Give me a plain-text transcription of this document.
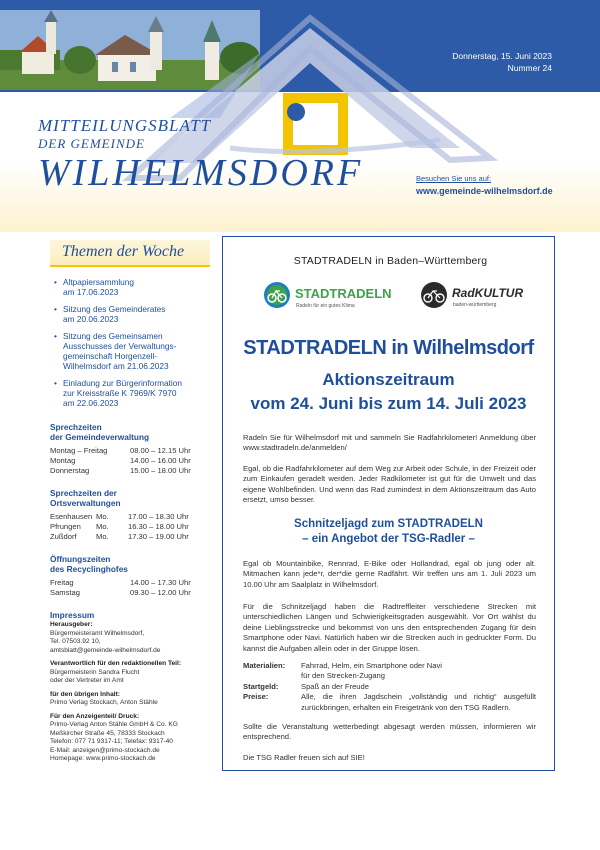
Donnerstag, 15. Juni 2023
Nummer 24
MITTEILUNGSBLATT
DER GEMEINDE
WILHELMSDORF	Besuchen Sie uns auf:
www.gemeinde-wilhelmsdorf.de
Themen der Woche
• Altpapiersammlung
am 17.06.2023
• Sitzung des Gemeinderates
am 20.06.2023
• Sitzung des Gemeinsamen
Ausschusses der Verwaltungs-
gemeinschaft Horgenzell-
Wilhelmsdorf am 21.06.2023
• Einladung zur Bürgerinformation
zur Kreisstraße K 7969/K 7970
am 22.06.2023
Sprechzeiten
der Gemeindeverwaltung
Montag – Freitag	08.00 – 12.15 Uhr
Montag	14.00 – 16.00 Uhr
Donnerstag	15.00 – 18.00 Uhr
Sprechzeiten der
Ortsverwaltungen
Esenhausen Mo.	17.00 – 18.30 Uhr
Pfrungen	Mo.	16.30 – 18.00 Uhr
Zußdorf	Mo.	17.30 – 19.00 Uhr
Öffnungszeiten
des Recyclinghofes
Freitag	14.00 – 17.30 Uhr
Samstag	09.30 – 12.00 Uhr
Impressum
Herausgeber:
Bürgermeisteramt Wilhelmsdorf,
Tel. 07503.92 10,
amtsblatt@gemeinde-wilhelmsdorf.de
Verantwortlich für den redaktionellen Teil:
Bürgermeisterin Sandra Flucht
oder der Vertreter im Amt
für den übrigen Inhalt:
Primo Verlag Stockach, Anton Stähle
Für den Anzeigenteil/ Druck:
Primo-Verlag Anton Stähle GmbH & Co. KG
Meßkircher Straße 45, 78333 Stockach
Telefon: 077 71 9317-11; Telefax: 9317-40
E-Mail: anzeigen@primo-stockach.de
Homepage: www.primo-stockach.de
STADTRADELN in Baden–Württemberg
STADTRADELN
Radeln für ein gutes Klima
RadKULTUR
baden-württemberg
STADTRADELN in Wilhelmsdorf
Aktionszeitraum
vom 24. Juni bis zum 14. Juli 2023
Radeln Sie für Wilhelmsdorf mit und sammeln Sie Radfahrkilometer! Anmeldung über www.stadtradeln.de/anmelden/
Egal, ob die Radfahrkilometer auf dem Weg zur Arbeit oder Schule, in der Freizeit oder zum Einkaufen geradelt werden. Jeder Radkilometer ist gut für die Umwelt und das eigene Wohlbefinden. Und wenn das Rad zumindest in dem Aktionszeitraum das Auto ersetzt, umso besser.
Schnitzeljagd zum STADTRADELN
– ein Angebot der TSG-Radler –
Egal ob Mountainbike, Rennrad, E-Bike oder Hollandrad, egal ob jung oder alt. Mitmachen kann jede*r, der*die gerne Radfährt. Wir treffen uns am 1. Juli 2023 um 10.00 Uhr am Saalplatz in Wilhelmsdorf.
Für die Schnitzeljagd haben die Radtreffleiter verschiedene Strecken mit unterschiedlichen Längen und Schwierigkeitsgraden ausgewählt. Vor Ort wählst du deine Lieblingsstrecke und bekommst von uns den entsprechenden Zugang für dein Smartphone oder Navi. Natürlich haben wir die Strecken auch in gedruckter Form. Du kannst die Aufgaben allein oder in der Gruppe lösen.
Materialien:	Fahrrad, Helm, ein Smartphone oder Navi
für den Strecken-Zugang
Startgeld:	Spaß an der Freude
Preise:	Alle, die ihren Jagdschein „vollständig und richtig“ ausgefüllt zurückbringen, erhalten ein Freigetränk von den TSG Radlern.
Sollte die Veranstaltung wetterbedingt abgesagt werden müssen, informieren wir entsprechend.
Die TSG Radler freuen sich auf SIE!
